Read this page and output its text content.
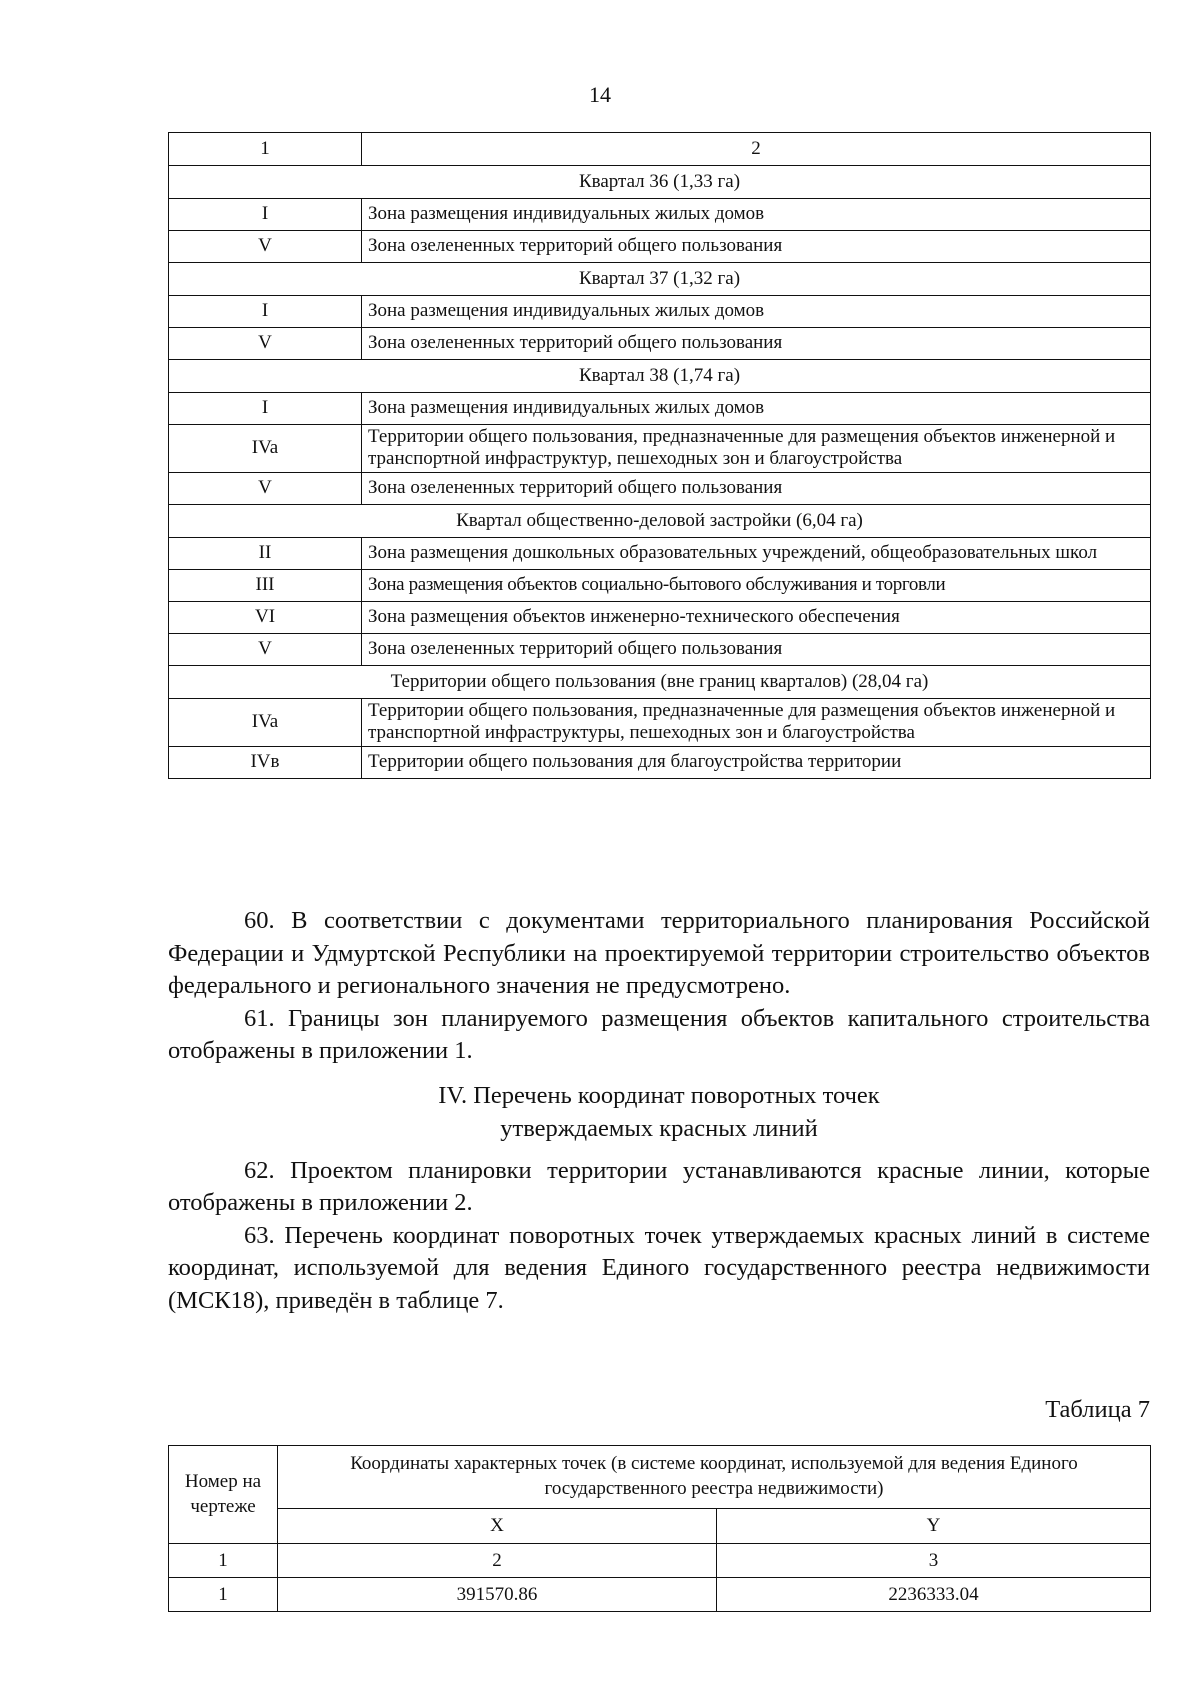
14
1	2
Квартал 36 (1,33 га)	
I	Зона размещения индивидуальных жилых домов
V	Зона озелененных территорий общего пользования
Квартал 37 (1,32 га)	
I	Зона размещения индивидуальных жилых домов
V	Зона озелененных территорий общего пользования
Квартал 38 (1,74 га)	
I	Зона размещения индивидуальных жилых домов
IVa	Территории общего пользования, предназначенные для размещения объектов инженерной и транспортной инфраструктур, пешеходных зон и благоустройства
V	Зона озелененных территорий общего пользования
Квартал общественно-деловой застройки (6,04 га)	
II	Зона размещения дошкольных образовательных учреждений, общеобразовательных школ
III	Зона размещения объектов социально-бытового обслуживания и торговли
VI	Зона размещения объектов инженерно-технического обеспечения
V	Зона озелененных территорий общего пользования
Территории общего пользования (вне границ кварталов) (28,04 га)	
IVa	Территории общего пользования, предназначенные для размещения объектов инженерной и транспортной инфраструктуры, пешеходных зон и благоустройства
IVв	Территории общего пользования для благоустройства территории

60. В соответствии с документами территориального планирования Российской Федерации и Удмуртской Республики на проектируемой территории строительство объектов федерального и регионального значения не предусмотрено.

61. Границы зон планируемого размещения объектов капитального строительства отображены в приложении 1.

IV. Перечень координат поворотных точек
утверждаемых красных линий

62. Проектом планировки территории устанавливаются красные линии, которые отображены в приложении 2.

63. Перечень координат поворотных точек утверждаемых красных линий в системе координат, используемой для ведения Единого государственного реестра недвижимости (МСК18), приведён в таблице 7.

Таблица 7
Номер на чертеже	Координаты характерных точек (в системе координат, используемой для ведения Единого государственного реестра недвижимости)	
	X	Y
1	2	3
1	391570.86	2236333.04
